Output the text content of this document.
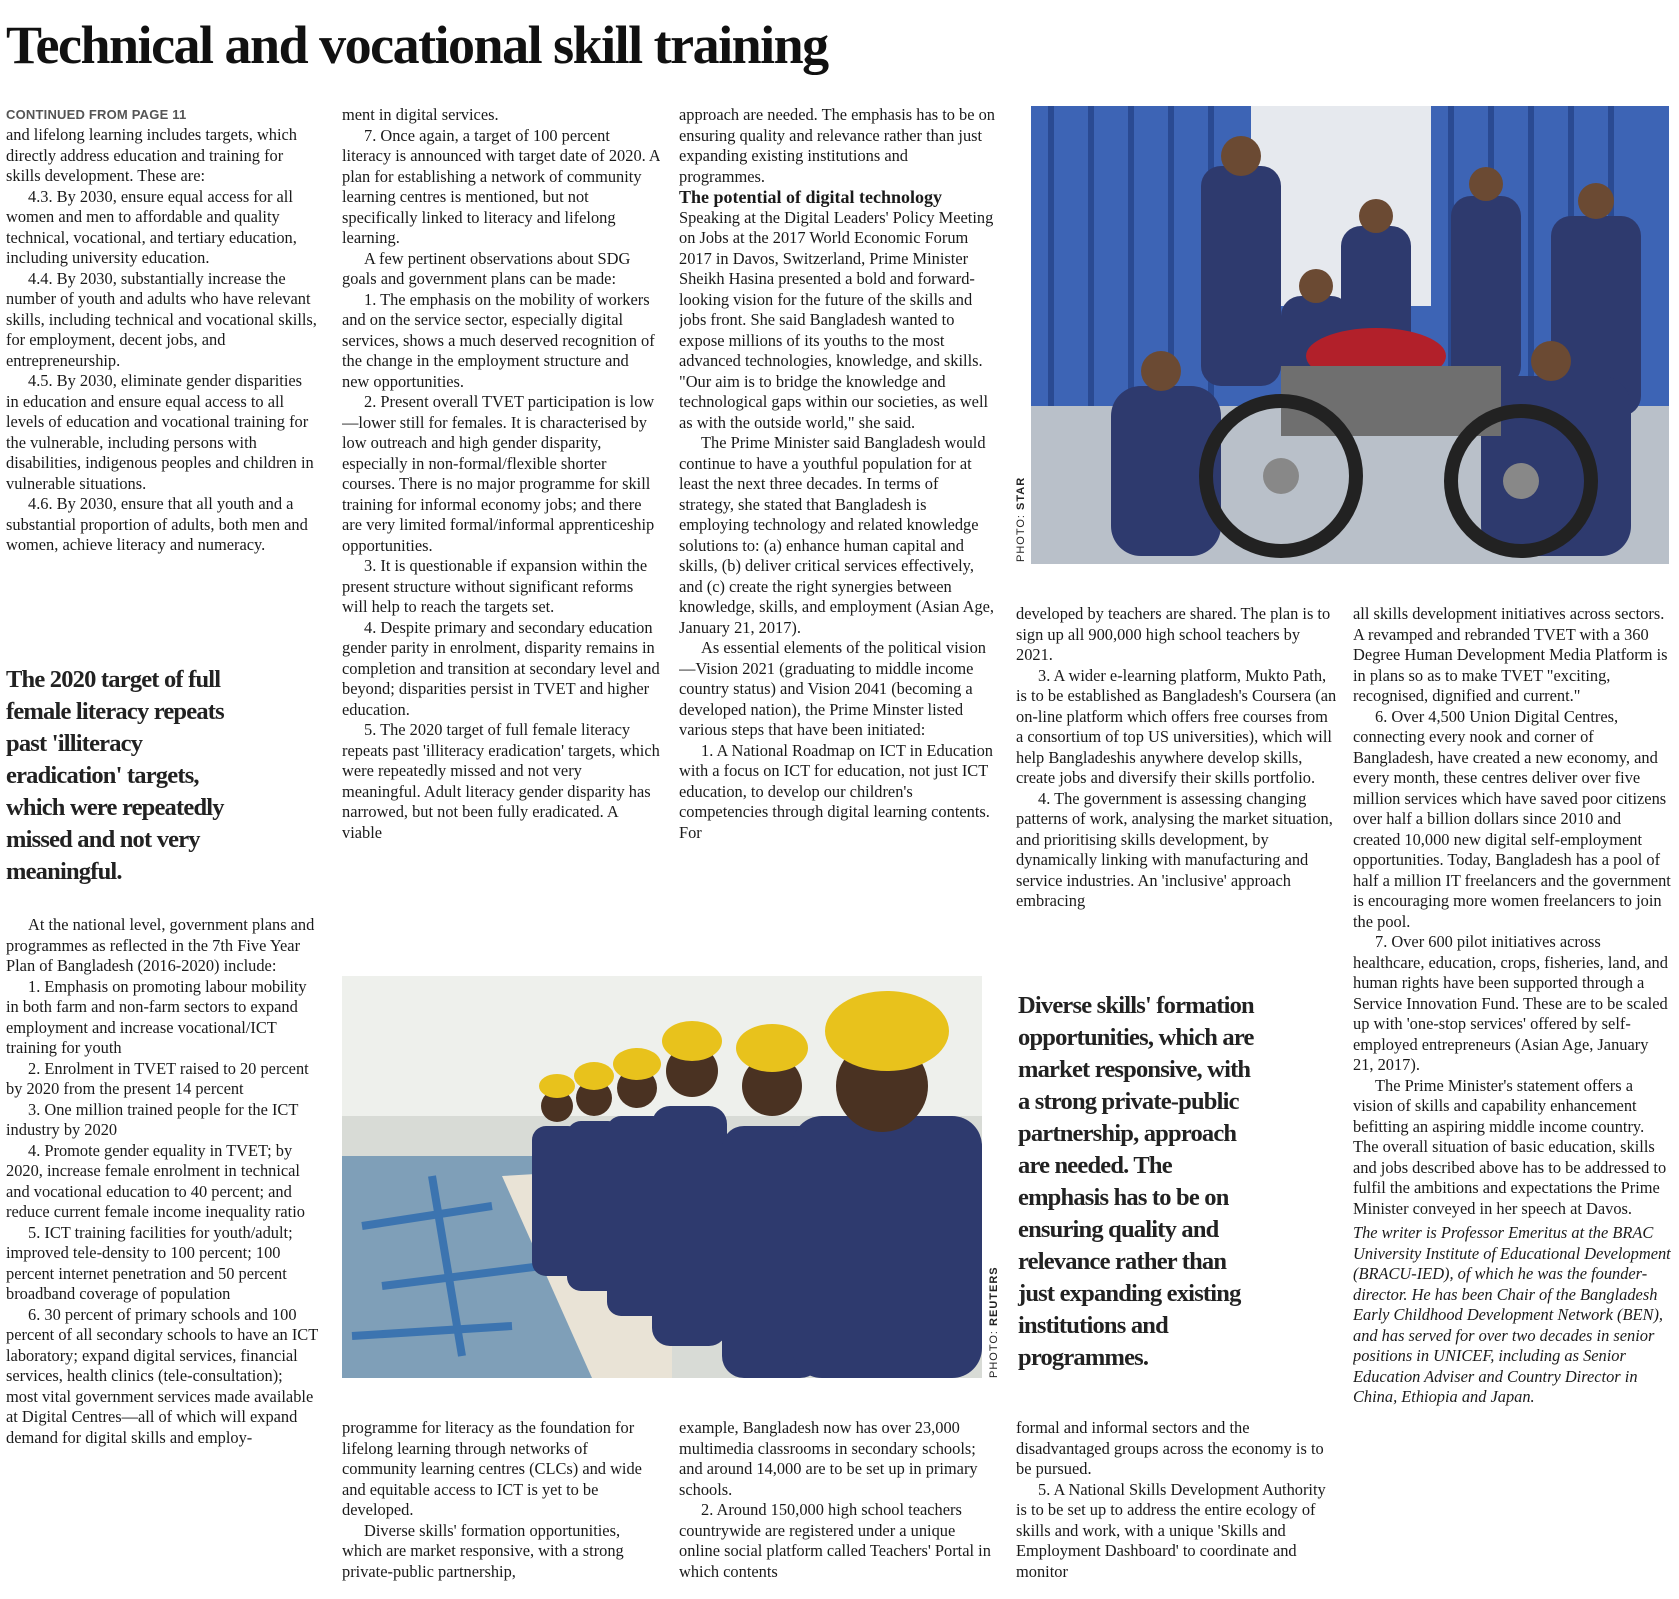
Technical and vocational skill training
CONTINUED FROM PAGE 11

and lifelong learning includes targets, which directly address education and training for skills development. These are:

4.3. By 2030, ensure equal access for all women and men to affordable and quality technical, vocational, and tertiary education, including university education.

4.4. By 2030, substantially increase the number of youth and adults who have relevant skills, including technical and vocational skills, for employment, decent jobs, and entrepreneurship.

4.5. By 2030, eliminate gender disparities in education and ensure equal access to all levels of education and vocational training for the vulnerable, including persons with disabilities, indigenous peoples and children in vulnerable situations.

4.6. By 2030, ensure that all youth and a substantial proportion of adults, both men and women, achieve literacy and numeracy.

The 2020 target of full female literacy repeats past 'illiteracy eradication' targets, which were repeatedly missed and not very meaningful.

At the national level, government plans and programmes as reflected in the 7th Five Year Plan of Bangladesh (2016-2020) include:

1. Emphasis on promoting labour mobility in both farm and non-farm sectors to expand employment and increase vocational/ICT training for youth

2. Enrolment in TVET raised to 20 percent by 2020 from the present 14 percent

3. One million trained people for the ICT industry by 2020

4. Promote gender equality in TVET; by 2020, increase female enrolment in technical and vocational education to 40 percent; and reduce current female income inequality ratio

5. ICT training facilities for youth/adult; improved tele-density to 100 percent; 100 percent internet penetration and 50 percent broadband coverage of population

6. 30 percent of primary schools and 100 percent of all secondary schools to have an ICT laboratory; expand digital services, financial services, health clinics (tele-consultation); most vital government services made available at Digital Centres—all of which will expand demand for digital skills and employ-

ment in digital services.

7. Once again, a target of 100 percent literacy is announced with target date of 2020. A plan for establishing a network of community learning centres is mentioned, but not specifically linked to literacy and lifelong learning.

A few pertinent observations about SDG goals and government plans can be made:

1. The emphasis on the mobility of workers and on the service sector, especially digital services, shows a much deserved recognition of the change in the employment structure and new opportunities.

2. Present overall TVET participation is low—lower still for females. It is characterised by low outreach and high gender disparity, especially in non-formal/flexible shorter courses. There is no major programme for skill training for informal economy jobs; and there are very limited formal/informal apprenticeship opportunities.

3. It is questionable if expansion within the present structure without significant reforms will help to reach the targets set.

4. Despite primary and secondary education gender parity in enrolment, disparity remains in completion and transition at secondary level and beyond; disparities persist in TVET and higher education.

5. The 2020 target of full female literacy repeats past 'illiteracy eradication' targets, which were repeatedly missed and not very meaningful. Adult literacy gender disparity has narrowed, but not been fully eradicated. A viable

approach are needed. The emphasis has to be on ensuring quality and relevance rather than just expanding existing institutions and programmes.

The potential of digital technology

Speaking at the Digital Leaders' Policy Meeting on Jobs at the 2017 World Economic Forum 2017 in Davos, Switzerland, Prime Minister Sheikh Hasina presented a bold and forward-looking vision for the future of the skills and jobs front. She said Bangladesh wanted to expose millions of its youths to the most advanced technologies, knowledge, and skills. "Our aim is to bridge the knowledge and technological gaps within our societies, as well as with the outside world," she said.

The Prime Minister said Bangladesh would continue to have a youthful population for at least the next three decades. In terms of strategy, she stated that Bangladesh is employing technology and related knowledge solutions to: (a) enhance human capital and skills, (b) deliver critical services effectively, and (c) create the right synergies between knowledge, skills, and employment (Asian Age, January 21, 2017).

As essential elements of the political vision—Vision 2021 (graduating to middle income country status) and Vision 2041 (becoming a developed nation), the Prime Minster listed various steps that have been initiated:

1. A National Roadmap on ICT in Education with a focus on ICT for education, not just ICT education, to develop our children's competencies through digital learning contents. For

PHOTO: STAR

developed by teachers are shared. The plan is to sign up all 900,000 high school teachers by 2021.

3. A wider e-learning platform, Mukto Path, is to be established as Bangladesh's Coursera (an on-line platform which offers free courses from a consortium of top US universities), which will help Bangladeshis anywhere develop skills, create jobs and diversify their skills portfolio.

4. The government is assessing changing patterns of work, analysing the market situation, and prioritising skills development, by dynamically linking with manufacturing and service industries. An 'inclusive' approach embracing

Diverse skills' formation opportunities, which are market responsive, with a strong private-public partnership, approach are needed. The emphasis has to be on ensuring quality and relevance rather than just expanding existing institutions and programmes.

all skills development initiatives across sectors. A revamped and rebranded TVET with a 360 Degree Human Development Media Platform is in plans so as to make TVET "exciting, recognised, dignified and current."

6. Over 4,500 Union Digital Centres, connecting every nook and corner of Bangladesh, have created a new economy, and every month, these centres deliver over five million services which have saved poor citizens over half a billion dollars since 2010 and created 10,000 new digital self-employment opportunities. Today, Bangladesh has a pool of half a million IT freelancers and the government is encouraging more women freelancers to join the pool.

7. Over 600 pilot initiatives across healthcare, education, crops, fisheries, land, and human rights have been supported through a Service Innovation Fund. These are to be scaled up with 'one-stop services' offered by self-employed entrepreneurs (Asian Age, January 21, 2017).

The Prime Minister's statement offers a vision of skills and capability enhancement befitting an aspiring middle income country. The overall situation of basic education, skills and jobs described above has to be addressed to fulfil the ambitions and expectations the Prime Minister conveyed in her speech at Davos.

The writer is Professor Emeritus at the BRAC University Institute of Educational Development (BRACU-IED), of which he was the founder-director. He has been Chair of the Bangladesh Early Childhood Development Network (BEN), and has served for over two decades in senior positions in UNICEF, including as Senior Education Adviser and Country Director in China, Ethiopia and Japan.

PHOTO: REUTERS

programme for literacy as the foundation for lifelong learning through networks of community learning centres (CLCs) and wide and equitable access to ICT is yet to be developed.

Diverse skills' formation opportunities, which are market responsive, with a strong private-public partnership,

example, Bangladesh now has over 23,000 multimedia classrooms in secondary schools; and around 14,000 are to be set up in primary schools.

2. Around 150,000 high school teachers countrywide are registered under a unique online social platform called Teachers' Portal in which contents

formal and informal sectors and the disadvantaged groups across the economy is to be pursued.

5. A National Skills Development Authority is to be set up to address the entire ecology of skills and work, with a unique 'Skills and Employment Dashboard' to coordinate and monitor
